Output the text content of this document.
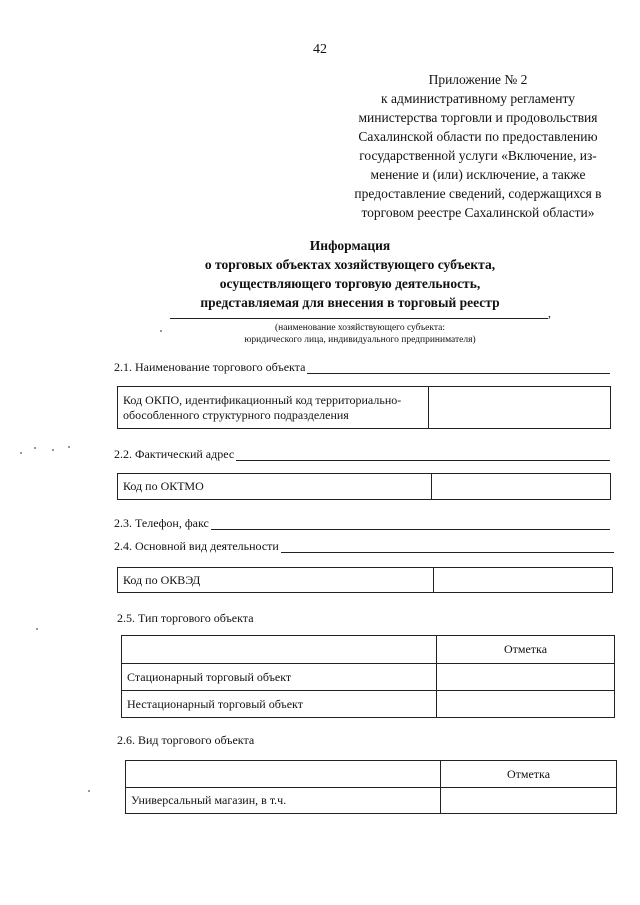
42
Приложение № 2
к административному регламенту
министерства торговли и продовольствия
Сахалинской области по предоставлению
государственной услуги «Включение, из-
менение и (или) исключение, а также
предоставление сведений, содержащихся в
торговом реестре Сахалинской области»
Информация
о торговых объектах хозяйствующего субъекта,
осуществляющего торговую деятельность,
представляемая для внесения в торговый реестр
,
(наименование хозяйствующего субъекта:
юридического лица, индивидуального предпринимателя)
2.1. Наименование торгового объекта
Код ОКПО, идентификационный код территориально-обособленного структурного подразделения	
2.2. Фактический адрес
Код по ОКТМО	
2.3. Телефон, факс
2.4. Основной вид деятельности
Код по ОКВЭД	
2.5. Тип торгового объекта
	Отметка
Стационарный торговый объект	
Нестационарный торговый объект	
2.6. Вид торгового объекта
	Отметка
Универсальный магазин, в т.ч.	
